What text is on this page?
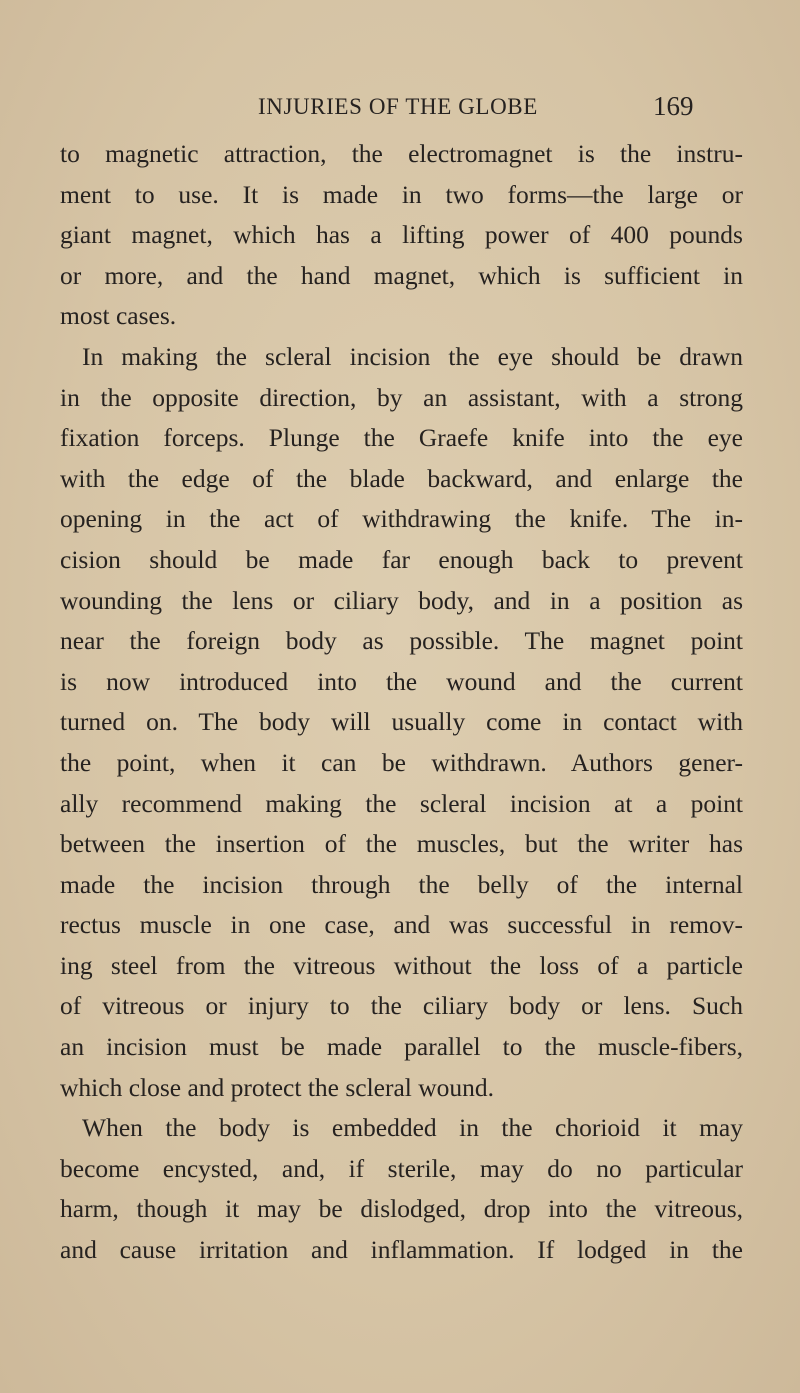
INJURIES OF THE GLOBE	169
to magnetic attraction, the electromagnet is the instru-
ment to use. It is made in two forms—the large or
giant magnet, which has a lifting power of 400 pounds
or more, and the hand magnet, which is sufficient in
most cases.
In making the scleral incision the eye should be drawn
in the opposite direction, by an assistant, with a strong
fixation forceps. Plunge the Graefe knife into the eye
with the edge of the blade backward, and enlarge the
opening in the act of withdrawing the knife. The in-
cision should be made far enough back to prevent
wounding the lens or ciliary body, and in a position as
near the foreign body as possible. The magnet point
is now introduced into the wound and the current
turned on. The body will usually come in contact with
the point, when it can be withdrawn. Authors gener-
ally recommend making the scleral incision at a point
between the insertion of the muscles, but the writer has
made the incision through the belly of the internal
rectus muscle in one case, and was successful in remov-
ing steel from the vitreous without the loss of a particle
of vitreous or injury to the ciliary body or lens. Such
an incision must be made parallel to the muscle-fibers,
which close and protect the scleral wound.
When the body is embedded in the chorioid it may
become encysted, and, if sterile, may do no particular
harm, though it may be dislodged, drop into the vitreous,
and cause irritation and inflammation. If lodged in the
